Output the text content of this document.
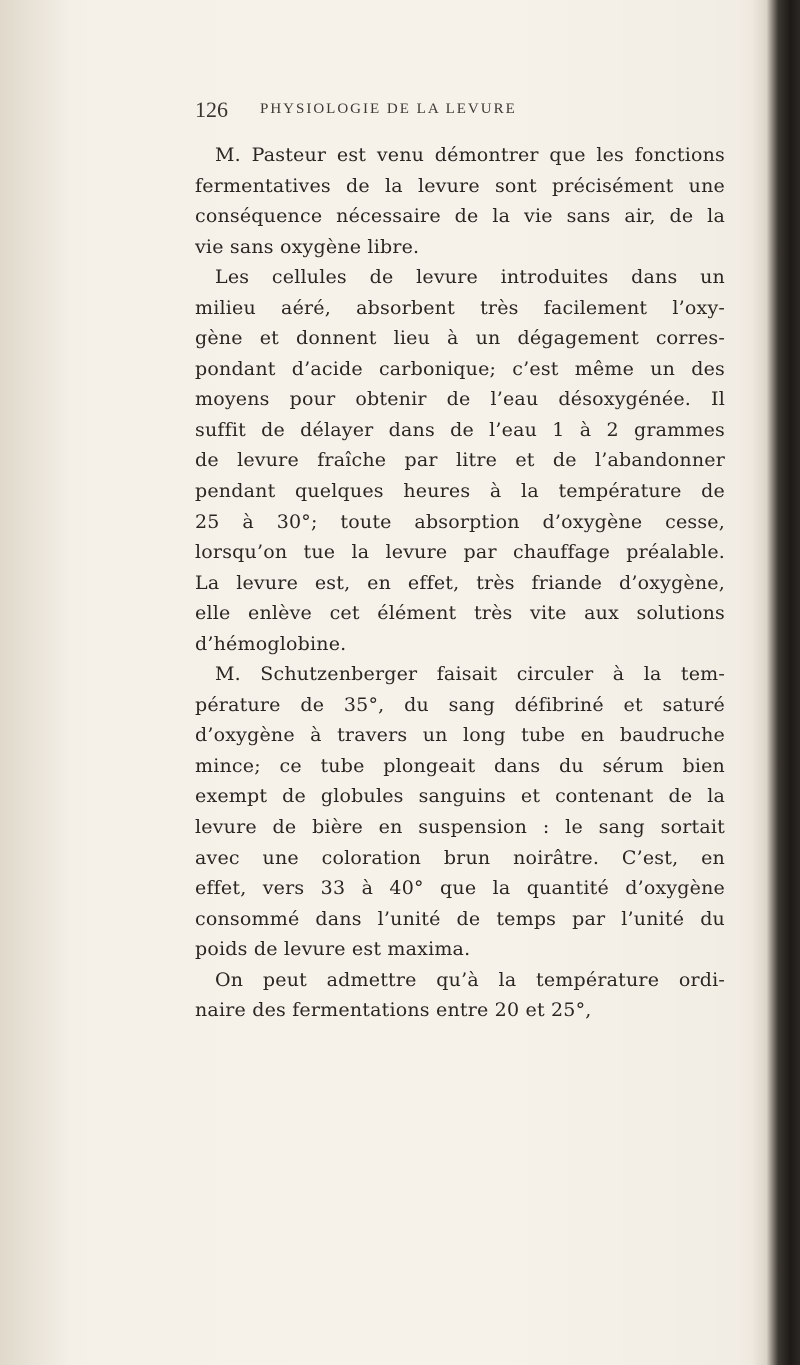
126 PHYSIOLOGIE DE LA LEVURE
M. Pasteur est venu démontrer que les fonctions
fermentatives de la levure sont précisément une
conséquence nécessaire de la vie sans air, de la
vie sans oxygène libre.
Les cellules de levure introduites dans un
milieu aéré, absorbent très facilement l’oxy-
gène et donnent lieu à un dégagement corres-
pondant d’acide carbonique; c’est même un des
moyens pour obtenir de l’eau désoxygénée. Il
suffit de délayer dans de l’eau 1 à 2 grammes
de levure fraîche par litre et de l’abandonner
pendant quelques heures à la température de
25 à 30°; toute absorption d’oxygène cesse,
lorsqu’on tue la levure par chauffage préalable.
La levure est, en effet, très friande d’oxygène,
elle enlève cet élément très vite aux solutions
d’hémoglobine.
M. Schutzenberger faisait circuler à la tem-
pérature de 35°, du sang défibriné et saturé
d’oxygène à travers un long tube en baudruche
mince; ce tube plongeait dans du sérum bien
exempt de globules sanguins et contenant de la
levure de bière en suspension : le sang sortait
avec une coloration brun noirâtre. C’est, en
effet, vers 33 à 40° que la quantité d’oxygène
consommé dans l’unité de temps par l’unité du
poids de levure est maxima.
On peut admettre qu’à la température ordi-
naire des fermentations entre 20 et 25°,
